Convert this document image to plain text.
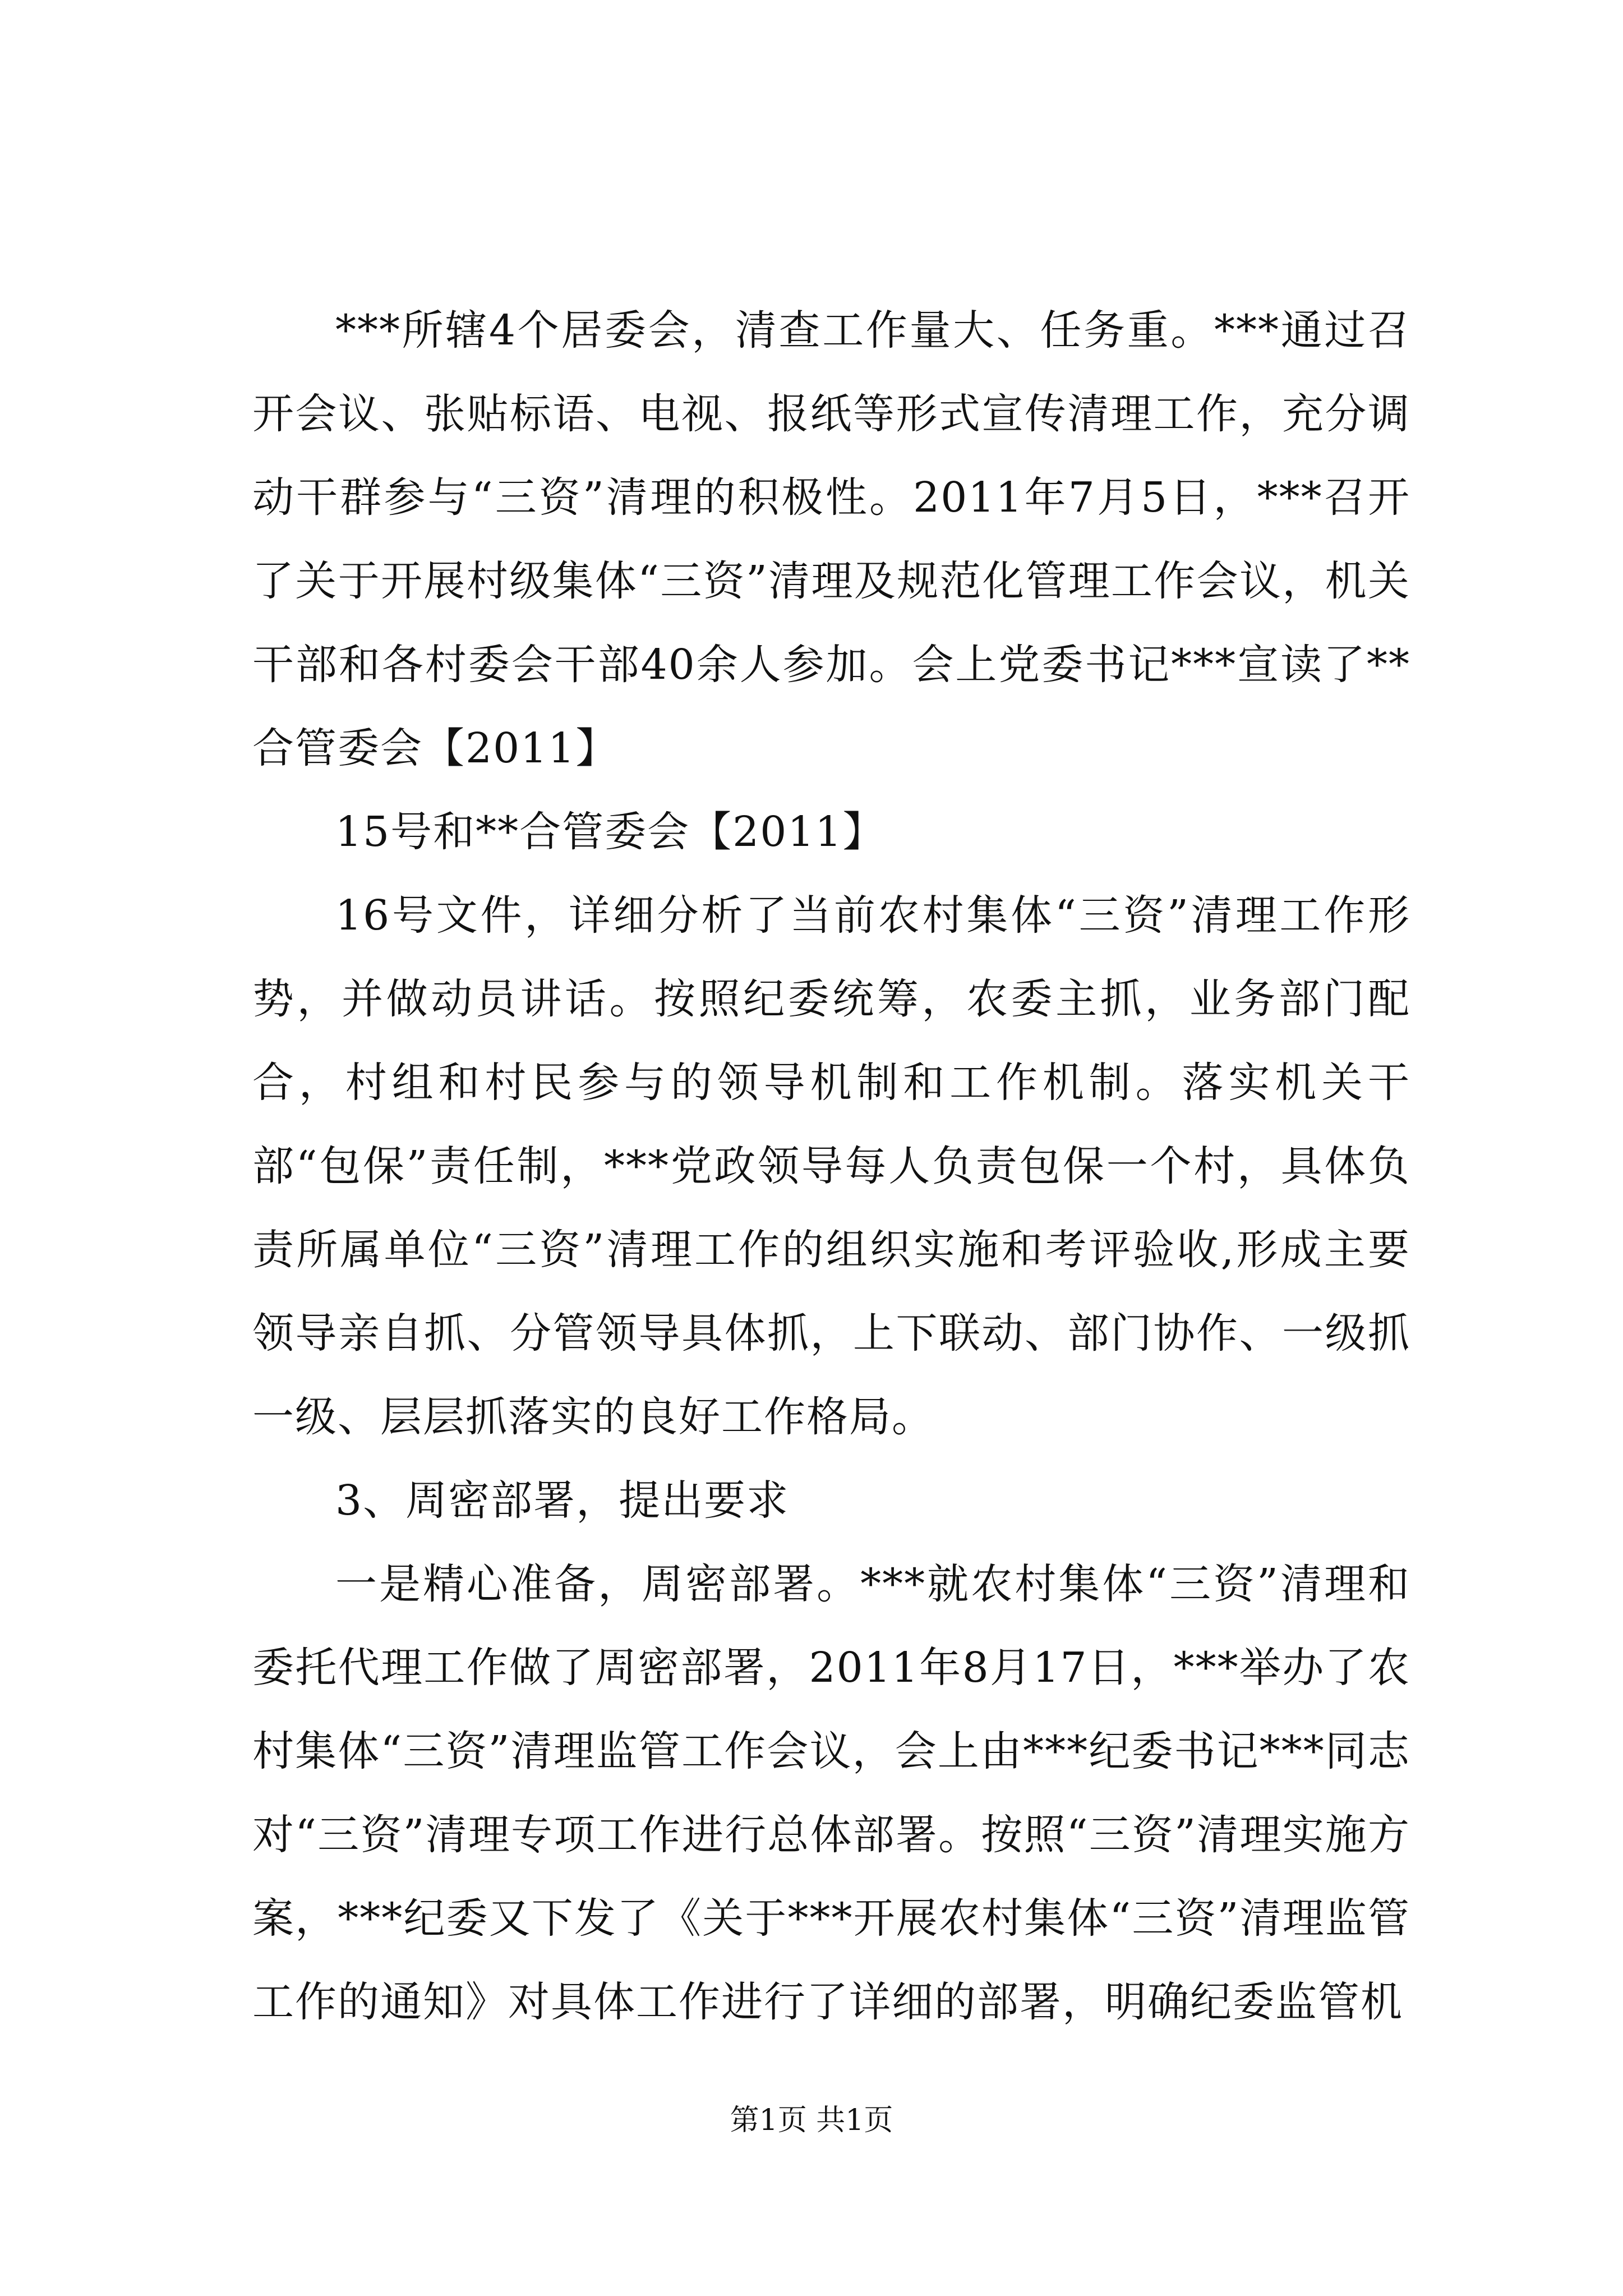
***所辖4个居委会，清查工作量大、任务重。***通过召开会议、张贴标语、电视、报纸等形式宣传清理工作，充分调动干群参与“三资”清理的积极性。2011年7月5日，***召开了关于开展村级集体“三资”清理及规范化管理工作会议，机关干部和各村委会干部40余人参加。会上党委书记***宣读了**合管委会【2011】

15号和**合管委会【2011】

16号文件，详细分析了当前农村集体“三资”清理工作形势，并做动员讲话。按照纪委统筹，农委主抓，业务部门配合，村组和村民参与的领导机制和工作机制。落实机关干部“包保”责任制，***党政领导每人负责包保一个村，具体负责所属单位“三资”清理工作的组织实施和考评验收,形成主要领导亲自抓、分管领导具体抓，上下联动、部门协作、一级抓一级、层层抓落实的良好工作格局。

3、周密部署，提出要求

一是精心准备，周密部署。***就农村集体“三资”清理和委托代理工作做了周密部署，2011年8月17日，***举办了农村集体“三资”清理监管工作会议，会上由***纪委书记***同志对“三资”清理专项工作进行总体部署。按照“三资”清理实施方案，***纪委又下发了《关于***开展农村集体“三资”清理监管工作的通知》对具体工作进行了详细的部署，明确纪委监管机

第1页 共1页
